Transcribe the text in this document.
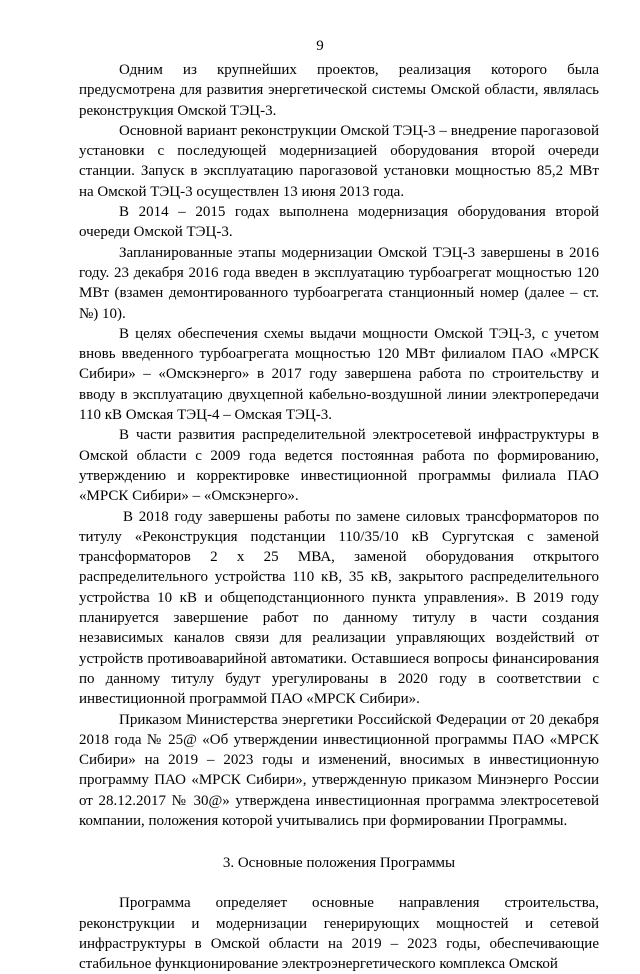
9

Одним из крупнейших проектов, реализация которого была предусмотрена для развития энергетической системы Омской области, являлась реконструкция Омской ТЭЦ-3.

Основной вариант реконструкции Омской ТЭЦ-3 – внедрение парогазовой установки с последующей модернизацией оборудования второй очереди станции. Запуск в эксплуатацию парогазовой установки мощностью 85,2 МВт на Омской ТЭЦ-3 осуществлен 13 июня 2013 года.

В 2014 – 2015 годах выполнена модернизация оборудования второй очереди Омской ТЭЦ-3.

Запланированные этапы модернизации Омской ТЭЦ-3 завершены в 2016 году. 23 декабря 2016 года введен в эксплуатацию турбоагрегат мощностью 120 МВт (взамен демонтированного турбоагрегата станционный номер (далее – ст. №) 10).

В целях обеспечения схемы выдачи мощности Омской ТЭЦ-3, с учетом вновь введенного турбоагрегата мощностью 120 МВт филиалом ПАО «МРСК Сибири» – «Омскэнерго» в 2017 году завершена работа по строительству и вводу в эксплуатацию двухцепной кабельно-воздушной линии электропередачи 110 кВ Омская ТЭЦ-4 – Омская ТЭЦ-3.

В части развития распределительной электросетевой инфраструктуры в Омской области с 2009 года ведется постоянная работа по формированию, утверждению и корректировке инвестиционной программы филиала ПАО «МРСК Сибири» – «Омскэнерго».

В 2018 году завершены работы по замене силовых трансформаторов по титулу «Реконструкция подстанции 110/35/10 кВ Сургутская с заменой трансформаторов 2 х 25 МВА, заменой оборудования открытого распределительного устройства 110 кВ, 35 кВ, закрытого распределительного устройства 10 кВ и общеподстанционного пункта управления». В 2019 году планируется завершение работ по данному титулу в части создания независимых каналов связи для реализации управляющих воздействий от устройств противоаварийной автоматики. Оставшиеся вопросы финансирования по данному титулу будут урегулированы в 2020 году в соответствии с инвестиционной программой ПАО «МРСК Сибири».

Приказом Министерства энергетики Российской Федерации от 20 декабря 2018 года № 25@ «Об утверждении инвестиционной программы ПАО «МРСК Сибири» на 2019 – 2023 годы и изменений, вносимых в инвестиционную программу ПАО «МРСК Сибири», утвержденную приказом Минэнерго России от 28.12.2017 № 30@» утверждена инвестиционная программа электросетевой компании, положения которой учитывались при формировании Программы.

3. Основные положения Программы

Программа определяет основные направления строительства, реконструкции и модернизации генерирующих мощностей и сетевой инфраструктуры в Омской области на 2019 – 2023 годы, обеспечивающие стабильное функционирование электроэнергетического комплекса Омской
